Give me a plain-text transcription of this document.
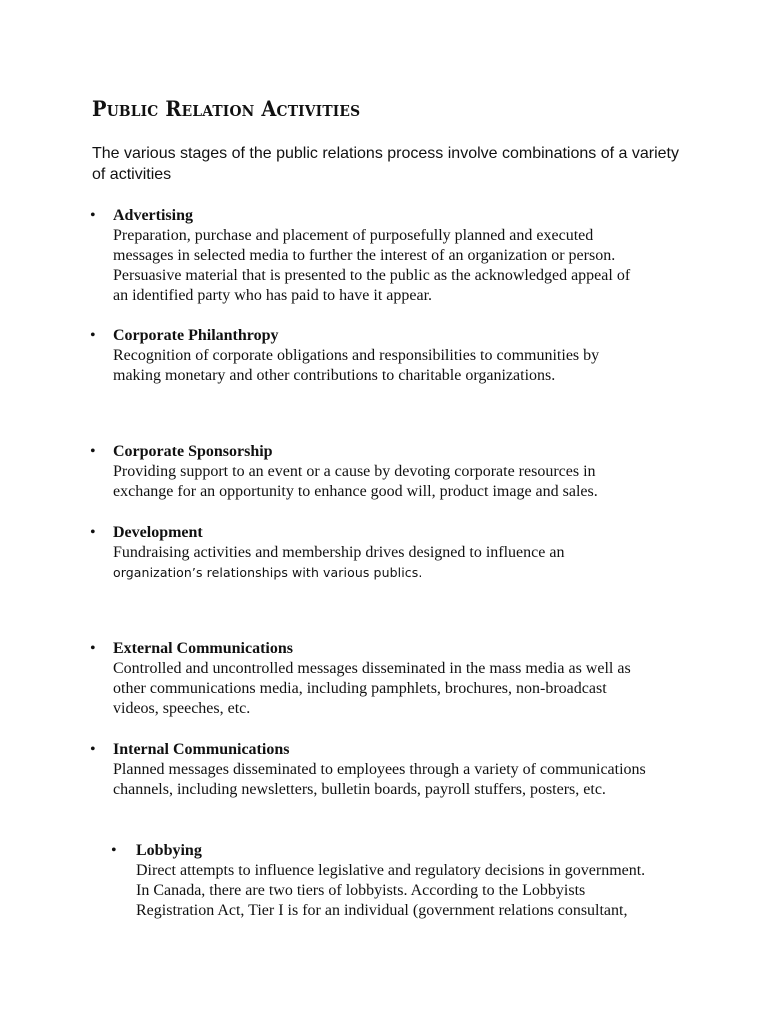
Public Relation Activities
The various stages of the public relations process involve combinations of a variety of activities
• Advertising
Preparation, purchase and placement of purposefully planned and executed
messages in selected media to further the interest of an organization or person.
Persuasive material that is presented to the public as the acknowledged appeal of
an identified party who has paid to have it appear.
• Corporate Philanthropy
Recognition of corporate obligations and responsibilities to communities by
making monetary and other contributions to charitable organizations.
• Corporate Sponsorship
Providing support to an event or a cause by devoting corporate resources in
exchange for an opportunity to enhance good will, product image and sales.
• Development
Fundraising activities and membership drives designed to influence an
organization’s relationships with various publics.
• External Communications
Controlled and uncontrolled messages disseminated in the mass media as well as
other communications media, including pamphlets, brochures, non-broadcast
videos, speeches, etc.
• Internal Communications
Planned messages disseminated to employees through a variety of communications
channels, including newsletters, bulletin boards, payroll stuffers, posters, etc.
• Lobbying
Direct attempts to influence legislative and regulatory decisions in government.
In Canada, there are two tiers of lobbyists. According to the Lobbyists
Registration Act, Tier I is for an individual (government relations consultant,
